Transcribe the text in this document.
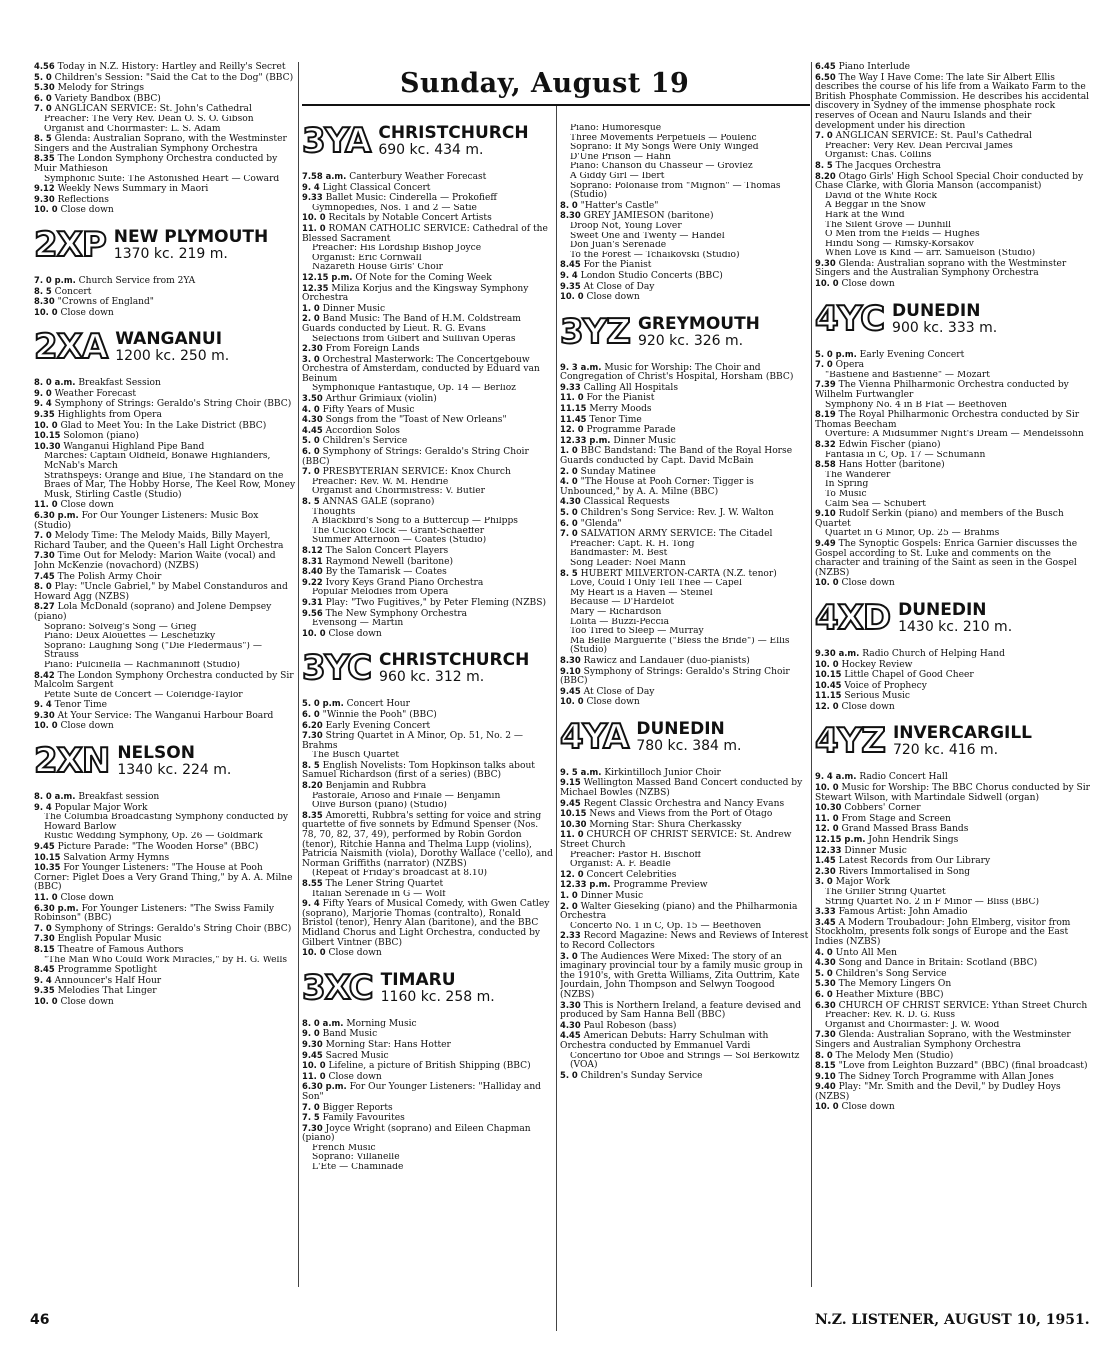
Sunday, August 19
4.56 Today in N.Z. History: Hartley and Reilly's Secret
5. 0 Children's Session: "Said the Cat to the Dog" (BBC)
5.30 Melody for Strings
6. 0 Variety Bandbox (BBC)
7. 0 ANGLICAN SERVICE: St. John's Cathedral
Preacher: The Very Rev. Dean O. S. O. Gibson
Organist and Choirmaster: L. S. Adam
8. 5 Glenda: Australian Soprano, with the Westminster Singers and the Australian Symphony Orchestra
8.35 The London Symphony Orchestra conducted by Muir Mathieson
Symphonic Suite: The Astonished Heart — Coward
9.12 Weekly News Summary in Maori
9.30 Reflections
10. 0 Close down
2XP NEW PLYMOUTH
1370 kc. 219 m.
7. 0 p.m. Church Service from 2YA
8. 5 Concert
8.30 "Crowns of England"
10. 0 Close down
2XA WANGANUI
1200 kc. 250 m.
8. 0 a.m. Breakfast Session
9. 0 Weather Forecast
9. 4 Symphony of Strings: Geraldo's String Choir (BBC)
9.35 Highlights from Opera
10. 0 Glad to Meet You: In the Lake District (BBC)
10.15 Solomon (piano)
10.30 Wanganui Highland Pipe Band
Marches: Captain Oldfield, Bonawe Highlanders, McNab's March
Strathspeys: Orange and Blue, The Standard on the Braes of Mar, The Hobby Horse, The Keel Row, Money Musk, Stirling Castle (Studio)
11. 0 Close down
6.30 p.m. For Our Younger Listeners: Music Box (Studio)
7. 0 Melody Time: The Melody Maids, Billy Mayerl, Richard Tauber, and the Queen's Hall Light Orchestra
7.30 Time Out for Melody: Marion Waite (vocal) and John McKenzie (novachord) (NZBS)
7.45 The Polish Army Choir
8. 0 Play: "Uncle Gabriel," by Mabel Constanduros and Howard Agg (NZBS)
8.27 Lola McDonald (soprano) and Jolene Dempsey (piano)
Soprano: Solveig's Song — Grieg
Piano: Deux Alouettes — Leschetizky
Soprano: Laughing Song ("Die Fledermaus") — Strauss
Piano: Pulcinella — Rachmaninoff (Studio)
8.42 The London Symphony Orchestra conducted by Sir Malcolm Sargent
Petite Suite de Concert — Coleridge-Taylor
9. 4 Tenor Time
9.30 At Your Service: The Wanganui Harbour Board
10. 0 Close down
2XN NELSON
1340 kc. 224 m.
8. 0 a.m. Breakfast session
9. 4 Popular Major Work
The Columbia Broadcasting Symphony conducted by Howard Barlow
Rustic Wedding Symphony, Op. 26 — Goldmark
9.45 Picture Parade: "The Wooden Horse" (BBC)
10.15 Salvation Army Hymns
10.35 For Younger Listeners: "The House at Pooh Corner: Piglet Does a Very Grand Thing," by A. A. Milne (BBC)
11. 0 Close down
6.30 p.m. For Younger Listeners: "The Swiss Family Robinson" (BBC)
7. 0 Symphony of Strings: Geraldo's String Choir (BBC)
7.30 English Popular Music
8.15 Theatre of Famous Authors
"The Man Who Could Work Miracles," by H. G. Wells
8.45 Programme Spotlight
9. 4 Announcer's Half Hour
9.35 Melodies That Linger
10. 0 Close down
3YA CHRISTCHURCH
690 kc. 434 m.
7.58 a.m. Canterbury Weather Forecast
9. 4 Light Classical Concert
9.33 Ballet Music: Cinderella — Prokofieff
Gymnopedies, Nos. 1 and 2 — Satie
10. 0 Recitals by Notable Concert Artists
11. 0 ROMAN CATHOLIC SERVICE: Cathedral of the Blessed Sacrament
Preacher: His Lordship Bishop Joyce
Organist: Eric Cornwall
Nazareth House Girls' Choir
12.15 p.m. Of Note for the Coming Week
12.35 Miliza Korjus and the Kingsway Symphony Orchestra
1. 0 Dinner Music
2. 0 Band Music: The Band of H.M. Coldstream Guards conducted by Lieut. R. G. Evans
Selections from Gilbert and Sullivan Operas
2.30 From Foreign Lands
3. 0 Orchestral Masterwork: The Concertgebouw Orchestra of Amsterdam, conducted by Eduard van Beinum
Symphonique Fantastique, Op. 14 — Berlioz
3.50 Arthur Grimiaux (violin)
4. 0 Fifty Years of Music
4.30 Songs from the "Toast of New Orleans"
4.45 Accordion Solos
5. 0 Children's Service
6. 0 Symphony of Strings: Geraldo's String Choir (BBC)
7. 0 PRESBYTERIAN SERVICE: Knox Church
Preacher: Rev. W. M. Hendrie
Organist and Choirmistress: V. Butler
8. 5 ANNAS GALE (soprano)
Thoughts
A Blackbird's Song to a Buttercup — Philpps
The Cuckoo Clock — Grant-Schaeffer
Summer Afternoon — Coates (Studio)
8.12 The Salon Concert Players
8.31 Raymond Newell (baritone)
8.40 By the Tamarisk — Coates
9.22 Ivory Keys Grand Piano Orchestra
Popular Melodies from Opera
9.31 Play: "Two Fugitives," by Peter Fleming (NZBS)
9.56 The New Symphony Orchestra
Evensong — Martin
10. 0 Close down
3YC CHRISTCHURCH
960 kc. 312 m.
5. 0 p.m. Concert Hour
6. 0 "Winnie the Pooh" (BBC)
6.20 Early Evening Concert
7.30 String Quartet in A Minor, Op. 51, No. 2 — Brahms
The Busch Quartet
8. 5 English Novelists: Tom Hopkinson talks about Samuel Richardson (first of a series) (BBC)
8.20 Benjamin and Rubbra
Pastorale, Arioso and Finale — Benjamin
Olive Burson (piano) (Studio)
8.35 Amoretti, Rubbra's setting for voice and string quartette of five sonnets by Edmund Spenser (Nos. 78, 70, 82, 37, 49), performed by Robin Gordon (tenor), Ritchie Hanna and Thelma Lupp (violins), Patricia Naismith (viola), Dorothy Wallace ('cello), and Norman Griffiths (narrator) (NZBS)
(Repeat of Friday's broadcast at 8.10)
8.55 The Lener String Quartet
Italian Serenade in G — Wolf
9. 4 Fifty Years of Musical Comedy, with Gwen Catley (soprano), Marjorie Thomas (contralto), Ronald Bristol (tenor), Henry Alan (baritone), and the BBC Midland Chorus and Light Orchestra, conducted by Gilbert Vintner (BBC)
10. 0 Close down
3XC TIMARU
1160 kc. 258 m.
8. 0 a.m. Morning Music
9. 0 Band Music
9.30 Morning Star: Hans Hotter
9.45 Sacred Music
10. 0 Lifeline, a picture of British Shipping (BBC)
11. 0 Close down
6.30 p.m. For Our Younger Listeners: "Halliday and Son"
7. 0 Bigger Reports
7. 5 Family Favourites
7.30 Joyce Wright (soprano) and Eileen Chapman (piano)
French Music
Soprano: Villanelle
L'Ete — Chaminade
Piano: Humoresque
Three Movements Perpetuels — Poulenc
Soprano: If My Songs Were Only Winged
D'Une Prison — Hahn
Piano: Chanson du Chasseur — Grovlez
A Giddy Girl — Ibert
Soprano: Polonaise from "Mignon" — Thomas (Studio)
8. 0 "Hatter's Castle"
8.30 GREY JAMIESON (baritone)
Droop Not, Young Lover
Sweet One and Twenty — Handel
Don Juan's Serenade
To the Forest — Tchaikovski (Studio)
8.45 For the Pianist
9. 4 London Studio Concerts (BBC)
9.35 At Close of Day
10. 0 Close down
3YZ GREYMOUTH
920 kc. 326 m.
9. 3 a.m. Music for Worship: The Choir and Congregation of Christ's Hospital, Horsham (BBC)
9.33 Calling All Hospitals
11. 0 For the Pianist
11.15 Merry Moods
11.45 Tenor Time
12. 0 Programme Parade
12.33 p.m. Dinner Music
1. 0 BBC Bandstand: The Band of the Royal Horse Guards conducted by Capt. David McBain
2. 0 Sunday Matinee
4. 0 "The House at Pooh Corner: Tigger is Unbounced," by A. A. Milne (BBC)
4.30 Classical Requests
5. 0 Children's Song Service: Rev. J. W. Walton
6. 0 "Glenda"
7. 0 SALVATION ARMY SERVICE: The Citadel
Preacher: Capt. R. H. Tong
Bandmaster: M. Best
Song Leader: Noel Mann
8. 5 HUBERT MILVERTON-CARTA (N.Z. tenor)
Love, Could I Only Tell Thee — Capel
My Heart is a Haven — Steinel
Because — D'Hardelot
Mary — Richardson
Lolita — Buzzi-Peccia
Too Tired to Sleep — Murray
Ma Belle Marguerite ("Bless the Bride") — Ellis (Studio)
8.30 Rawicz and Landauer (duo-pianists)
9.10 Symphony of Strings: Geraldo's String Choir (BBC)
9.45 At Close of Day
10. 0 Close down
4YA DUNEDIN
780 kc. 384 m.
9. 5 a.m. Kirkintilloch Junior Choir
9.15 Wellington Massed Band Concert conducted by Michael Bowles (NZBS)
9.45 Regent Classic Orchestra and Nancy Evans
10.15 News and Views from the Port of Otago
10.30 Morning Star: Shura Cherkassky
11. 0 CHURCH OF CHRIST SERVICE: St. Andrew Street Church
Preacher: Pastor H. Bischoff
Organist: A. F. Beadle
12. 0 Concert Celebrities
12.33 p.m. Programme Preview
1. 0 Dinner Music
2. 0 Walter Gieseking (piano) and the Philharmonia Orchestra
Concerto No. 1 in C, Op. 15 — Beethoven
2.33 Record Magazine: News and Reviews of Interest to Record Collectors
3. 0 The Audiences Were Mixed: The story of an imaginary provincial tour by a family music group in the 1910's, with Gretta Williams, Zita Outtrim, Kate Jourdain, John Thompson and Selwyn Toogood (NZBS)
3.30 This is Northern Ireland, a feature devised and produced by Sam Hanna Bell (BBC)
4.30 Paul Robeson (bass)
4.45 American Debuts: Harry Schulman with Orchestra conducted by Emmanuel Vardi
Concertino for Oboe and Strings — Sol Berkowitz (VOA)
5. 0 Children's Sunday Service
6.45 Piano Interlude
6.50 The Way I Have Come: The late Sir Albert Ellis describes the course of his life from a Waikato Farm to the British Phosphate Commission. He describes his accidental discovery in Sydney of the immense phosphate rock reserves of Ocean and Nauru Islands and their development under his direction
7. 0 ANGLICAN SERVICE: St. Paul's Cathedral
Preacher: Very Rev. Dean Percival James
Organist: Chas. Collins
8. 5 The Jacques Orchestra
8.20 Otago Girls' High School Special Choir conducted by Chase Clarke, with Gloria Manson (accompanist)
David of the White Rock
A Beggar in the Snow
Hark at the Wind
The Silent Grove — Dunhill
O Men from the Fields — Hughes
Hindu Song — Rimsky-Korsakov
When Love is Kind — arr. Samuelson (Studio)
9.30 Glenda: Australian soprano with the Westminster Singers and the Australian Symphony Orchestra
10. 0 Close down
4YC DUNEDIN
900 kc. 333 m.
5. 0 p.m. Early Evening Concert
7. 0 Opera
"Bastiene and Bastienne" — Mozart
7.39 The Vienna Philharmonic Orchestra conducted by Wilhelm Furtwangler
Symphony No. 4 in B Flat — Beethoven
8.19 The Royal Philharmonic Orchestra conducted by Sir Thomas Beecham
Overture: A Midsummer Night's Dream — Mendelssohn
8.32 Edwin Fischer (piano)
Fantasia in C, Op. 17 — Schumann
8.58 Hans Hotter (baritone)
The Wanderer
In Spring
To Music
Calm Sea — Schubert
9.10 Rudolf Serkin (piano) and members of the Busch Quartet
Quartet in G Minor, Op. 25 — Brahms
9.49 The Synoptic Gospels: Enrica Garnier discusses the Gospel according to St. Luke and comments on the character and training of the Saint as seen in the Gospel (NZBS)
10. 0 Close down
4XD DUNEDIN
1430 kc. 210 m.
9.30 a.m. Radio Church of Helping Hand
10. 0 Hockey Review
10.15 Little Chapel of Good Cheer
10.45 Voice of Prophecy
11.15 Serious Music
12. 0 Close down
4YZ INVERCARGILL
720 kc. 416 m.
9. 4 a.m. Radio Concert Hall
10. 0 Music for Worship: The BBC Chorus conducted by Sir Stewart Wilson, with Martindale Sidwell (organ)
10.30 Cobbers' Corner
11. 0 From Stage and Screen
12. 0 Grand Massed Brass Bands
12.15 p.m. John Hendrik Sings
12.33 Dinner Music
1.45 Latest Records from Our Library
2.30 Rivers Immortalised in Song
3. 0 Major Work
The Griller String Quartet
String Quartet No. 2 in F Minor — Bliss (BBC)
3.33 Famous Artist: John Amadio
3.45 A Modern Troubadour: John Elmberg, visitor from Stockholm, presents folk songs of Europe and the East Indies (NZBS)
4. 0 Unto All Men
4.30 Song and Dance in Britain: Scotland (BBC)
5. 0 Children's Song Service
5.30 The Memory Lingers On
6. 0 Heather Mixture (BBC)
6.30 CHURCH OF CHRIST SERVICE: Ythan Street Church
Preacher: Rev. R. D. G. Russ
Organist and Choirmaster: J. W. Wood
7.30 Glenda: Australian Soprano, with the Westminster Singers and Australian Symphony Orchestra
8. 0 The Melody Men (Studio)
8.15 "Love from Leighton Buzzard" (BBC) (final broadcast)
9.10 The Sidney Torch Programme with Allan Jones
9.40 Play: "Mr. Smith and the Devil," by Dudley Hoys (NZBS)
10. 0 Close down
46	N.Z. LISTENER, AUGUST 10, 1951.
